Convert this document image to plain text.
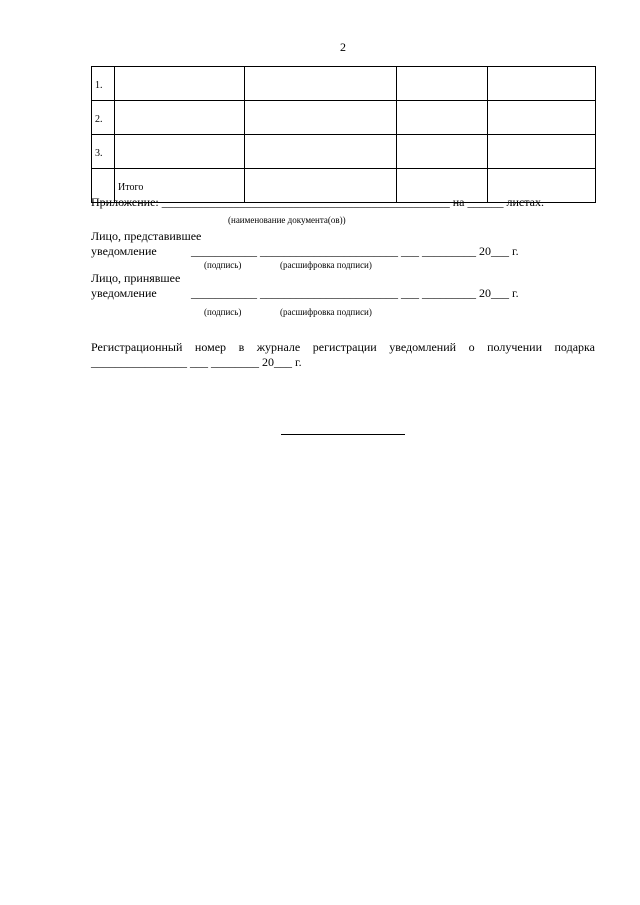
2
1.				
2.				
3.				
	Итого			
Приложение: ________________________________________________ на ______ листах.
(наименование документа(ов))
Лицо, представившее
уведомление	___________ _______________________ ___ _________ 20___ г.
(подпись)	(расшифровка подписи)
Лицо, принявшее
уведомление	___________ _______________________ ___ _________ 20___ г.
(подпись)	(расшифровка подписи)
Регистрационный номер в журнале регистрации уведомлений о получении подарка
________________ ___ ________ 20___ г.
